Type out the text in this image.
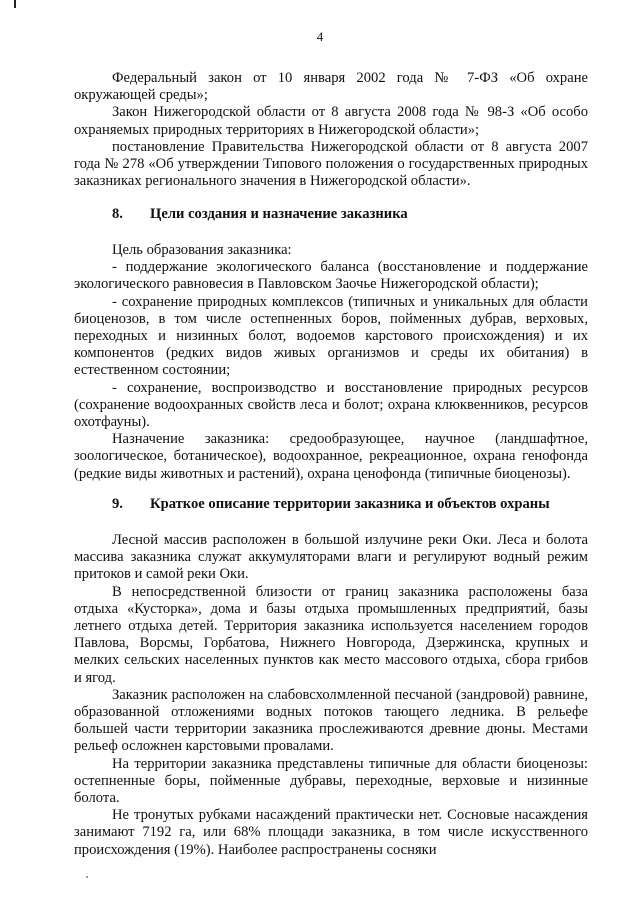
4

Федеральный закон от 10 января 2002 года № 7-ФЗ «Об охране окружающей среды»;

Закон Нижегородской области от 8 августа 2008 года № 98-З «Об особо охраняемых природных территориях в Нижегородской области»;

постановление Правительства Нижегородской области от 8 августа 2007 года № 278 «Об утверждении Типового положения о государственных природных заказниках регионального значения в Нижегородской области».

8. Цели создания и назначение заказника

Цель образования заказника:

- поддержание экологического баланса (восстановление и поддержание экологического равновесия в Павловском Заочье Нижегородской области);

- сохранение природных комплексов (типичных и уникальных для области биоценозов, в том числе остепненных боров, пойменных дубрав, верховых, переходных и низинных болот, водоемов карстового происхождения) и их компонентов (редких видов живых организмов и среды их обитания) в естественном состоянии;

- сохранение, воспроизводство и восстановление природных ресурсов (сохранение водоохранных свойств леса и болот; охрана клюквенников, ресурсов охотфауны).

Назначение заказника: средообразующее, научное (ландшафтное, зоологическое, ботаническое), водоохранное, рекреационное, охрана генофонда (редкие виды животных и растений), охрана ценофонда (типичные биоценозы).

9. Краткое описание территории заказника и объектов охраны

Лесной массив расположен в большой излучине реки Оки. Леса и болота массива заказника служат аккумуляторами влаги и регулируют водный режим притоков и самой реки Оки.

В непосредственной близости от границ заказника расположены база отдыха «Кусторка», дома и базы отдыха промышленных предприятий, базы летнего отдыха детей. Территория заказника используется населением городов Павлова, Ворсмы, Горбатова, Нижнего Новгорода, Дзержинска, крупных и мелких сельских населенных пунктов как место массового отдыха, сбора грибов и ягод.

Заказник расположен на слабовсхолмленной песчаной (зандровой) равнине, образованной отложениями водных потоков тающего ледника. В рельефе большей части территории заказника прослеживаются древние дюны. Местами рельеф осложнен карстовыми провалами.

На территории заказника представлены типичные для области биоценозы: остепненные боры, пойменные дубравы, переходные, верховые и низинные болота.

Не тронутых рубками насаждений практически нет. Сосновые насаждения занимают 7192 га, или 68% площади заказника, в том числе искусственного происхождения (19%). Наиболее распространены сосняки
